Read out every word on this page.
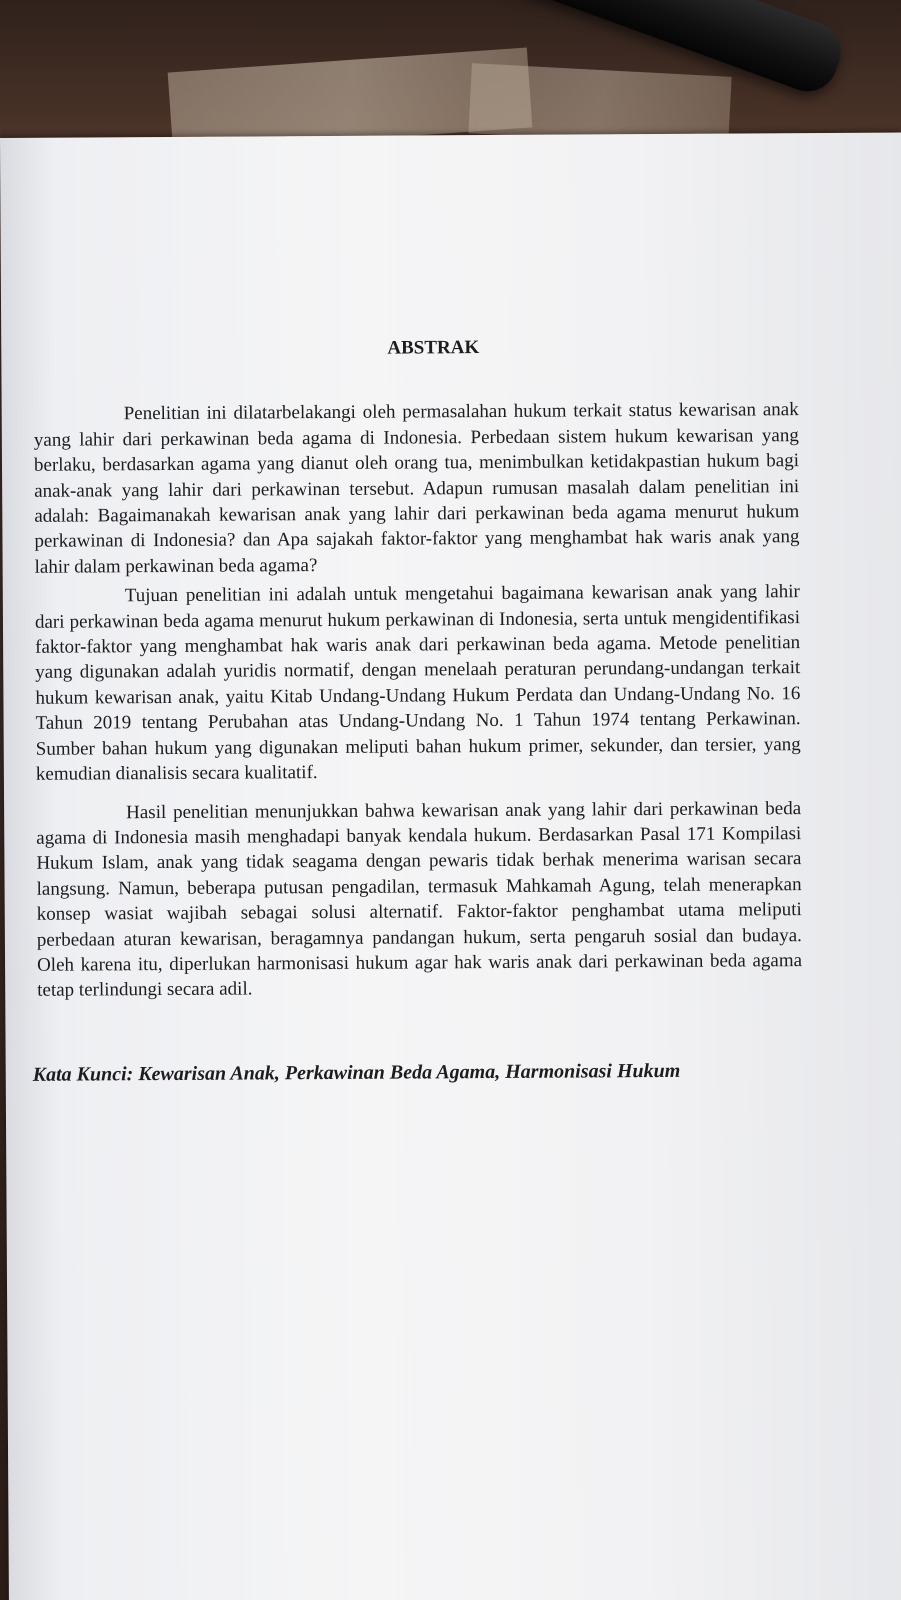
ABSTRAK

Penelitian ini dilatarbelakangi oleh permasalahan hukum terkait status kewarisan anak yang lahir dari perkawinan beda agama di Indonesia. Perbedaan sistem hukum kewarisan yang berlaku, berdasarkan agama yang dianut oleh orang tua, menimbulkan ketidakpastian hukum bagi anak-anak yang lahir dari perkawinan tersebut. Adapun rumusan masalah dalam penelitian ini adalah: Bagaimanakah kewarisan anak yang lahir dari perkawinan beda agama menurut hukum perkawinan di Indonesia? dan Apa sajakah faktor-faktor yang menghambat hak waris anak yang lahir dalam perkawinan beda agama?

Tujuan penelitian ini adalah untuk mengetahui bagaimana kewarisan anak yang lahir dari perkawinan beda agama menurut hukum perkawinan di Indonesia, serta untuk mengidentifikasi faktor-faktor yang menghambat hak waris anak dari perkawinan beda agama. Metode penelitian yang digunakan adalah yuridis normatif, dengan menelaah peraturan perundang-undangan terkait hukum kewarisan anak, yaitu Kitab Undang-Undang Hukum Perdata dan Undang-Undang No. 16 Tahun 2019 tentang Perubahan atas Undang-Undang No. 1 Tahun 1974 tentang Perkawinan. Sumber bahan hukum yang digunakan meliputi bahan hukum primer, sekunder, dan tersier, yang kemudian dianalisis secara kualitatif.

Hasil penelitian menunjukkan bahwa kewarisan anak yang lahir dari perkawinan beda agama di Indonesia masih menghadapi banyak kendala hukum. Berdasarkan Pasal 171 Kompilasi Hukum Islam, anak yang tidak seagama dengan pewaris tidak berhak menerima warisan secara langsung. Namun, beberapa putusan pengadilan, termasuk Mahkamah Agung, telah menerapkan konsep wasiat wajibah sebagai solusi alternatif. Faktor-faktor penghambat utama meliputi perbedaan aturan kewarisan, beragamnya pandangan hukum, serta pengaruh sosial dan budaya. Oleh karena itu, diperlukan harmonisasi hukum agar hak waris anak dari perkawinan beda agama tetap terlindungi secara adil.

Kata Kunci: Kewarisan Anak, Perkawinan Beda Agama, Harmonisasi Hukum
